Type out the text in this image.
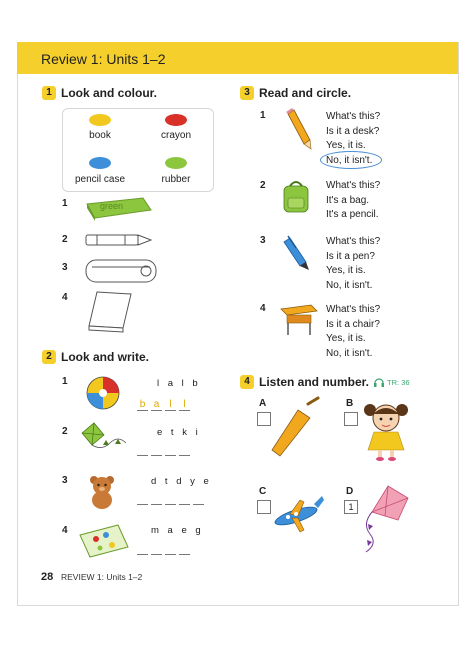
Review 1: Units 1–2
1 Look and colour.
book	crayon
pencil case	rubber
1	green
2
3
4
2 Look and write.
1	l a l b
b a l l
2	e t k i
3	d t d y e
4	m a e g
3 Read and circle.
1	What's this?
Is it a desk?
Yes, it is.
No, it isn't.
2	What's this?
It's a bag.
It's a pencil.
3	What's this?
Is it a pen?
Yes, it is.
No, it isn't.
4	What's this?
Is it a chair?
Yes, it is.
No, it isn't.
4 Listen and number. TR: 36
A	B
C	D
1
28 REVIEW 1: Units 1–2
